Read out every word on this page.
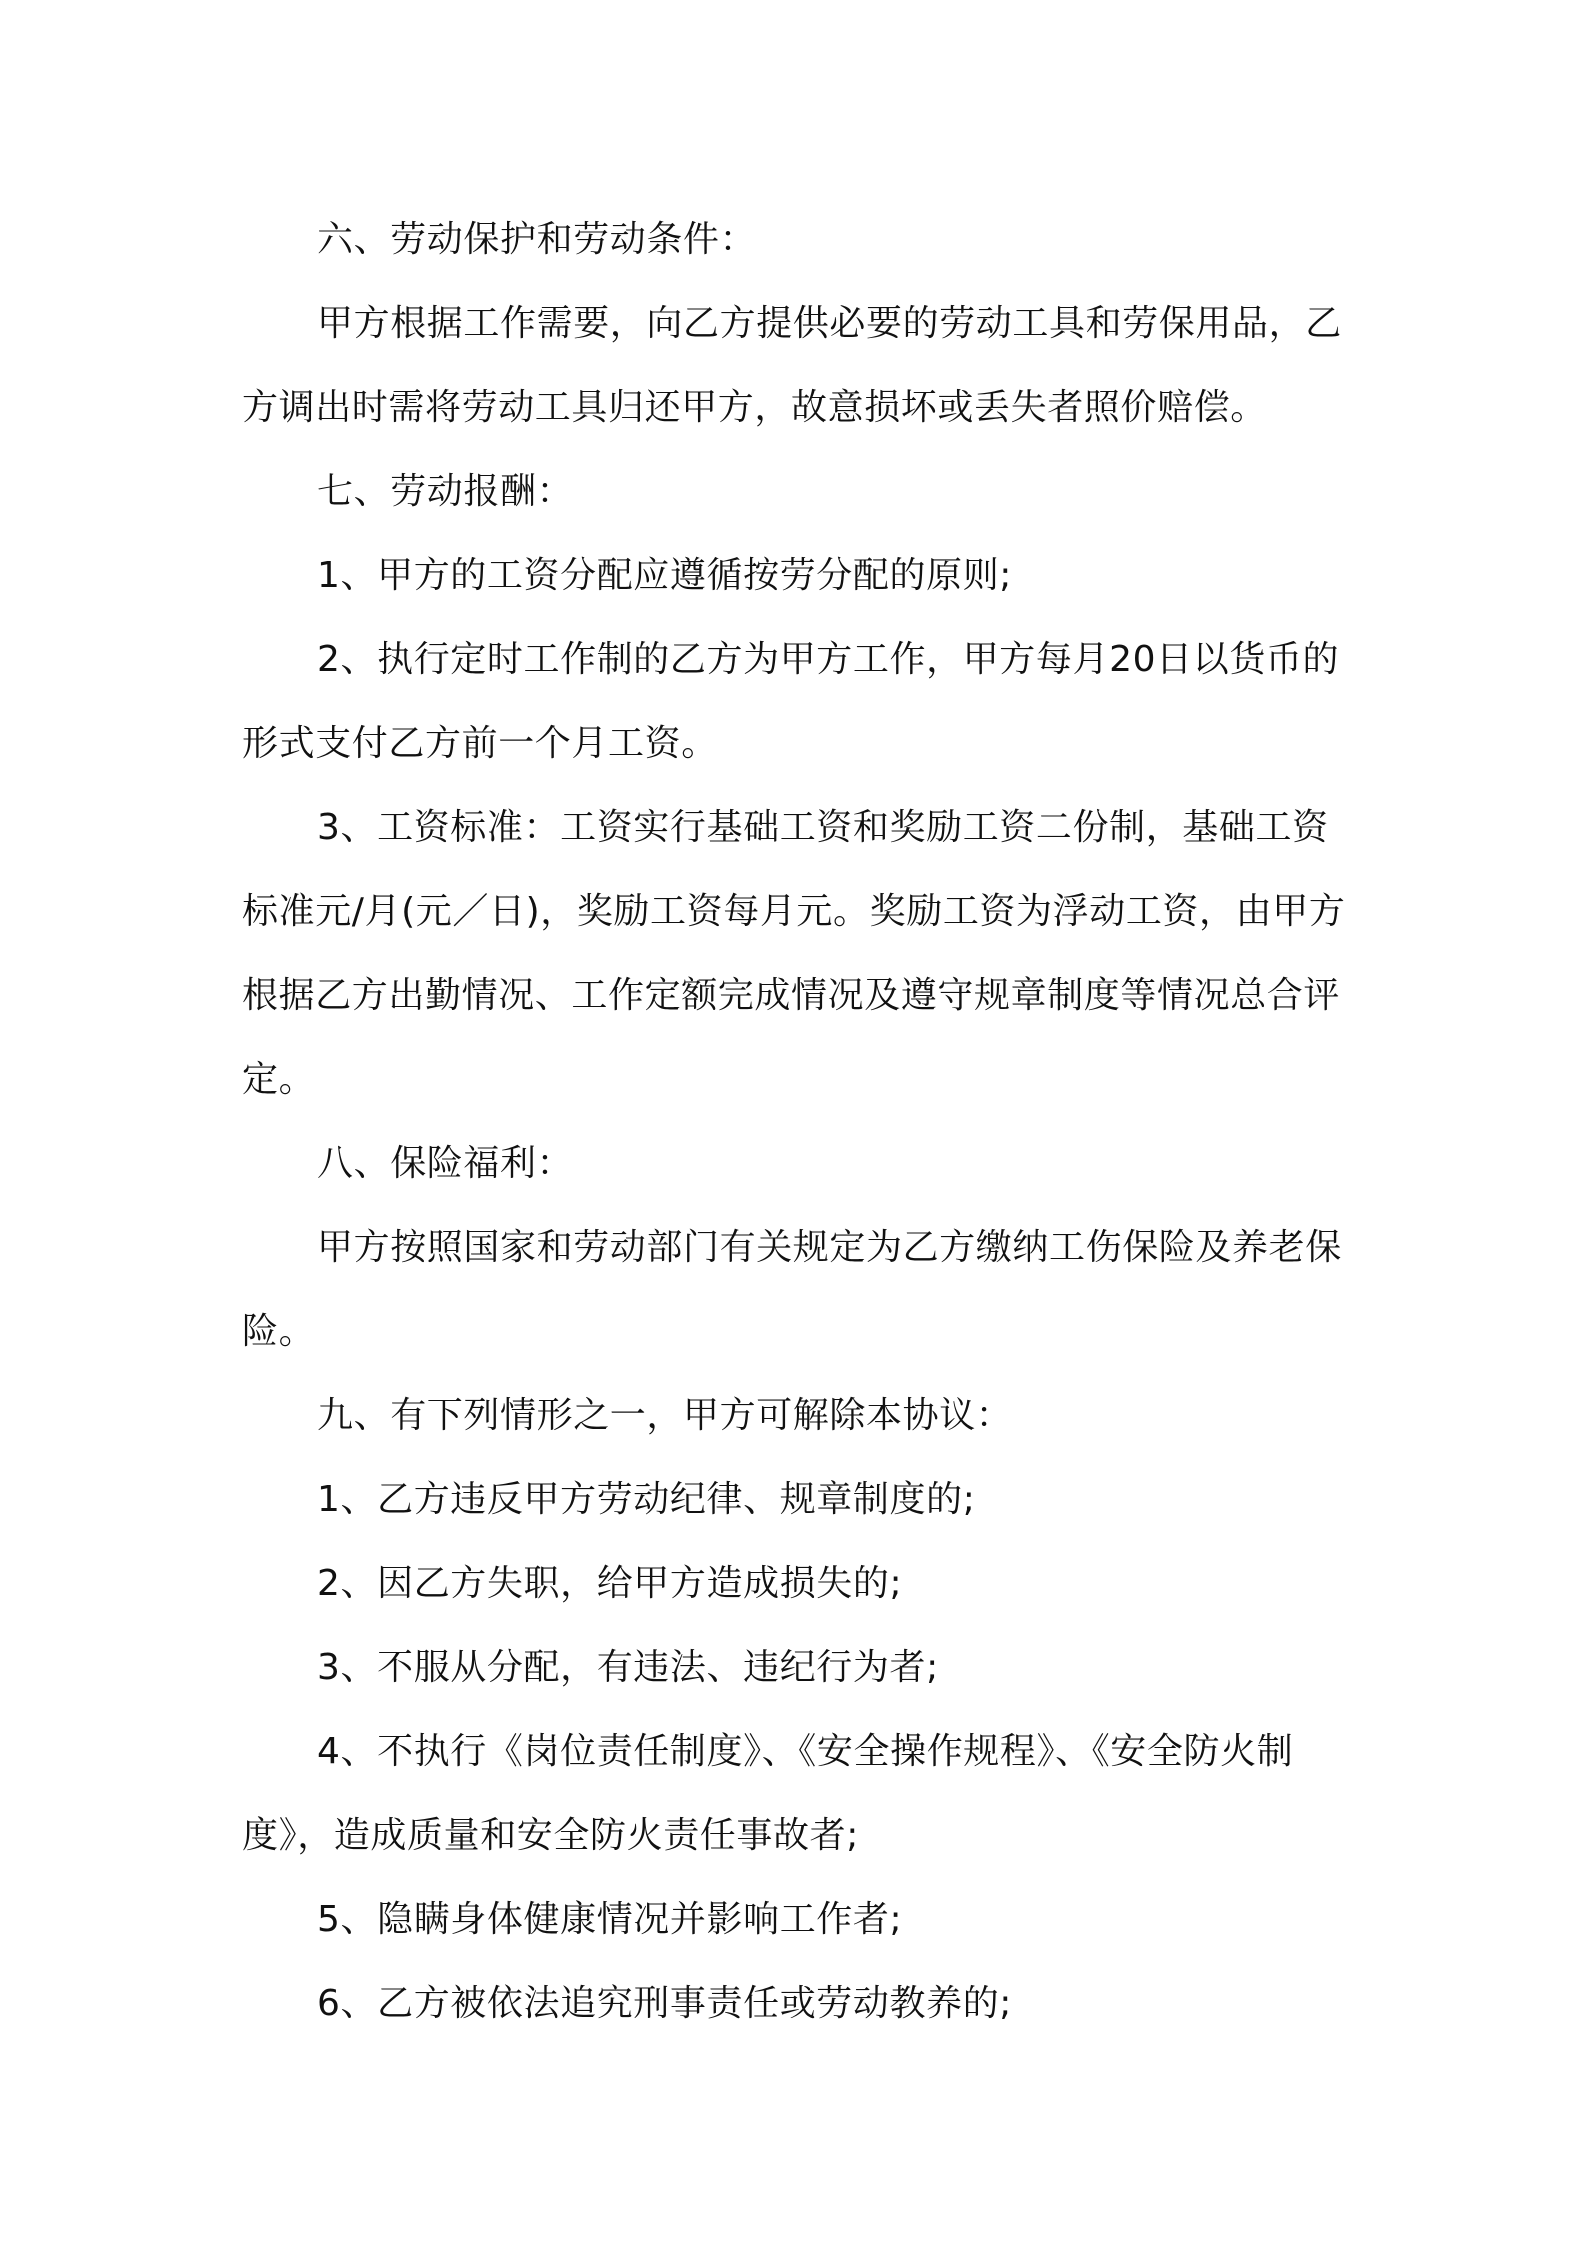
六、劳动保护和劳动条件：

甲方根据工作需要，向乙方提供必要的劳动工具和劳保用品，乙方调出时需将劳动工具归还甲方，故意损坏或丢失者照价赔偿。

七、劳动报酬：

1、甲方的工资分配应遵循按劳分配的原则;

2、执行定时工作制的乙方为甲方工作，甲方每月20日以货币的形式支付乙方前一个月工资。

3、工资标准：工资实行基础工资和奖励工资二份制，基础工资标准元/月(元／日)，奖励工资每月元。奖励工资为浮动工资，由甲方根据乙方出勤情况、工作定额完成情况及遵守规章制度等情况总合评定。

八、保险福利：

甲方按照国家和劳动部门有关规定为乙方缴纳工伤保险及养老保险。

九、有下列情形之一，甲方可解除本协议：

1、乙方违反甲方劳动纪律、规章制度的;

2、因乙方失职，给甲方造成损失的;

3、不服从分配，有违法、违纪行为者;

4、不执行《岗位责任制度》、《安全操作规程》、《安全防火制度》，造成质量和安全防火责任事故者;

5、隐瞒身体健康情况并影响工作者;

6、乙方被依法追究刑事责任或劳动教养的;
